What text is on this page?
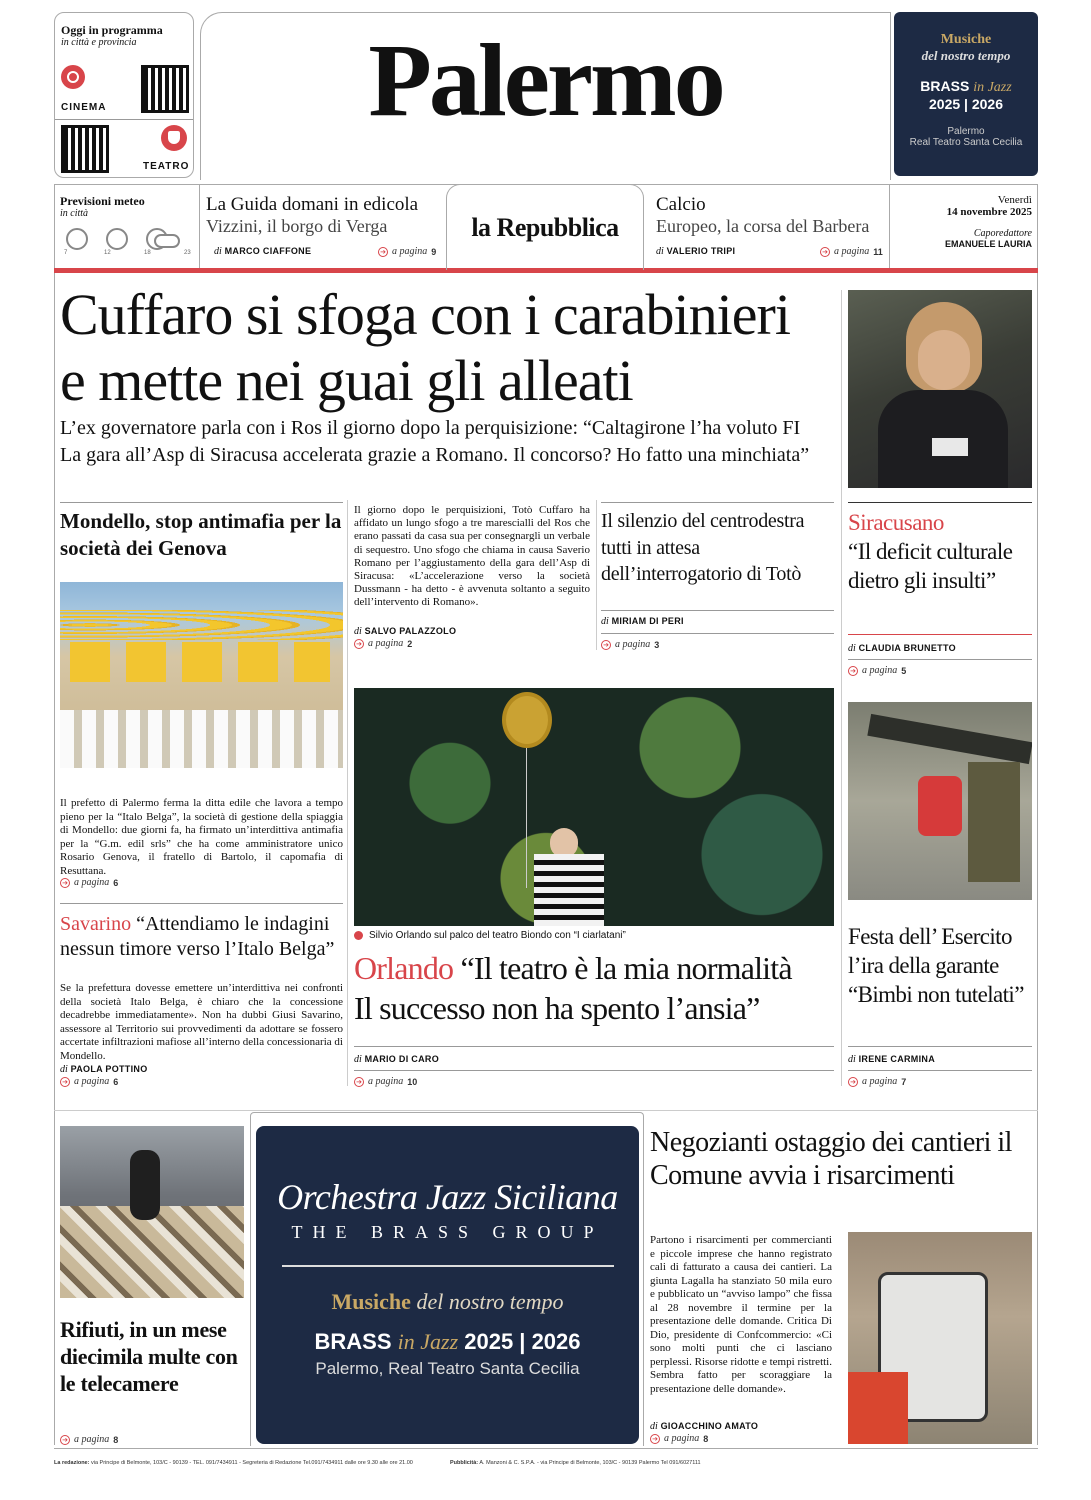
Oggi in programma
in città e provincia
CINEMA
TEATRO
Palermo	Musiche
del nostro tempo
BRASS in Jazz
2025 | 2026
Palermo
Real Teatro Santa Cecilia
Previsioni meteo
in città
7	12	18	23
La Guida domani in edicola
Vizzini, il borgo di Verga
di MARCO CIAFFONE	➔ a pagina 9
la Repubblica
Calcio
Europeo, la corsa del Barbera
di VALERIO TRIPI	➔ a pagina 11
Venerdì
14 novembre 2025
Caporedattore
EMANUELE LAURIA
Cuffaro si sfoga con i carabinieri
e mette nei guai gli alleati
L’ex governatore parla con i Ros il giorno dopo la perquisizione: “Caltagirone l’ha voluto FI
La gara all’Asp di Siracusa accelerata grazie a Romano. Il concorso? Ho fatto una minchiata”
Mondello, stop antimafia per la società dei Genova
Il prefetto di Palermo ferma la ditta edile che lavora a tempo pieno per la “Italo Belga”, la società di gestione della spiaggia di Mondello: due giorni fa, ha firmato un’interdittiva antimafia per la “G.m. edil srls” che ha come amministratore unico Rosario Genova, il fratello di Bartolo, il capomafia di Resuttana.
➔ a pagina 6
Savarino “Attendiamo le indagini nessun timore verso l’Italo Belga”
Se la prefettura dovesse emettere un’interdittiva nei confronti della società Italo Belga, è chiaro che la concessione decadrebbe immediatamente». Non ha dubbi Giusi Savarino, assessore al Territorio sui provvedimenti da adottare se fossero accertate infiltrazioni mafiose all’interno della concessionaria di Mondello.
di PAOLA POTTINO
➔ a pagina 6
Il giorno dopo le perquisizioni, Totò Cuffaro ha affidato un lungo sfogo a tre marescialli del Ros che erano passati da casa sua per consegnargli un verbale di sequestro. Uno sfogo che chiama in causa Saverio Romano per l’aggiustamento della gara dell’Asp di Siracusa: «L’accelerazione verso la società Dussmann - ha detto - è avvenuta soltanto a seguito dell’intervento di Romano».
di SALVO PALAZZOLO
➔ a pagina 2
Il silenzio del centrodestra tutti in attesa dell’interrogatorio di Totò
di MIRIAM DI PERI
➔ a pagina 3
Siracusano
“Il deficit culturale dietro gli insulti”
di CLAUDIA BRUNETTO
➔ a pagina 5
Silvio Orlando sul palco del teatro Biondo con “I ciarlatani”
Orlando “Il teatro è la mia normalità
Il successo non ha spento l’ansia”
di MARIO DI CARO
➔ a pagina 10
Festa dell’ Esercito l’ira della garante “Bimbi non tutelati”
di IRENE CARMINA
➔ a pagina 7
Rifiuti, in un mese diecimila multe con le telecamere
➔ a pagina 8
Orchestra Jazz Siciliana
THE BRASS GROUP
Musiche del nostro tempo
BRASS in Jazz 2025 | 2026
Palermo, Real Teatro Santa Cecilia
Negozianti ostaggio dei cantieri il Comune avvia i risarcimenti
Partono i risarcimenti per commercianti e piccole imprese che hanno registrato cali di fatturato a causa dei cantieri. La giunta Lagalla ha stanziato 50 mila euro e pubblicato un “avviso lampo” che fissa al 28 novembre il termine per la presentazione delle domande. Critica Di Dio, presidente di Confcommercio: «Ci sono molti punti che ci lasciano perplessi. Risorse ridotte e tempi ristretti. Sembra fatto per scoraggiare la presentazione delle domande».
di GIOACCHINO AMATO
➔ a pagina 8
La redazione: via Principe di Belmonte, 103/C - 90139 - TEL. 091/7434911 - Segreteria di Redazione Tel.091/7434911 dalle ore 9.30 alle ore 21.00	Pubblicità: A. Manzoni & C. S.P.A. - via Principe di Belmonte, 103/C - 90139 Palermo Tel 091/6027111
